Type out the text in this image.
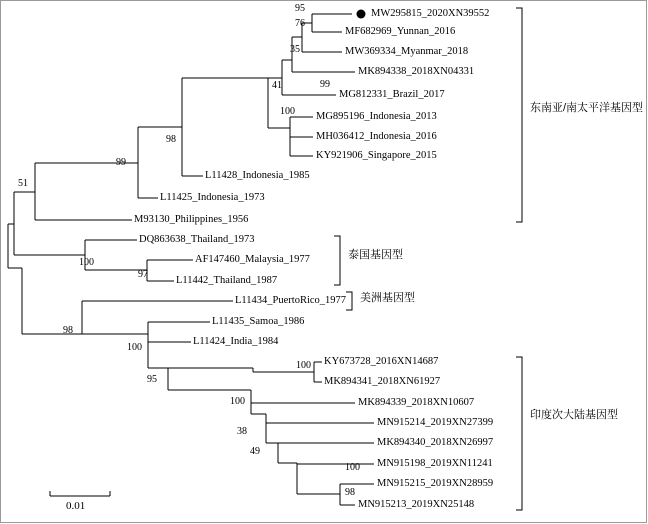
MW295815_2020XN39552
MF682969_Yunnan_2016
MW369334_Myanmar_2018
MK894338_2018XN04331
MG812331_Brazil_2017
MG895196_Indonesia_2013
MH036412_Indonesia_2016
KY921906_Singapore_2015
L11428_Indonesia_1985
L11425_Indonesia_1973
M93130_Philippines_1956
DQ863638_Thailand_1973
AF147460_Malaysia_1977
L11442_Thailand_1987
L11434_PuertoRico_1977
L11435_Samoa_1986
L11424_India_1984
KY673728_2016XN14687
MK894341_2018XN61927
MK894339_2018XN10607
MN915214_2019XN27399
MK894340_2018XN26997
MN915198_2019XN11241
MN915215_2019XN28959
MN915213_2019XN25148
95
76
35
99
41
100
98
99
51
100
97
98
100
95
100
100
38
49
100
98
东南亚/南太平洋基因型
泰国基因型
美洲基因型
印度次大陆基因型
0.01
